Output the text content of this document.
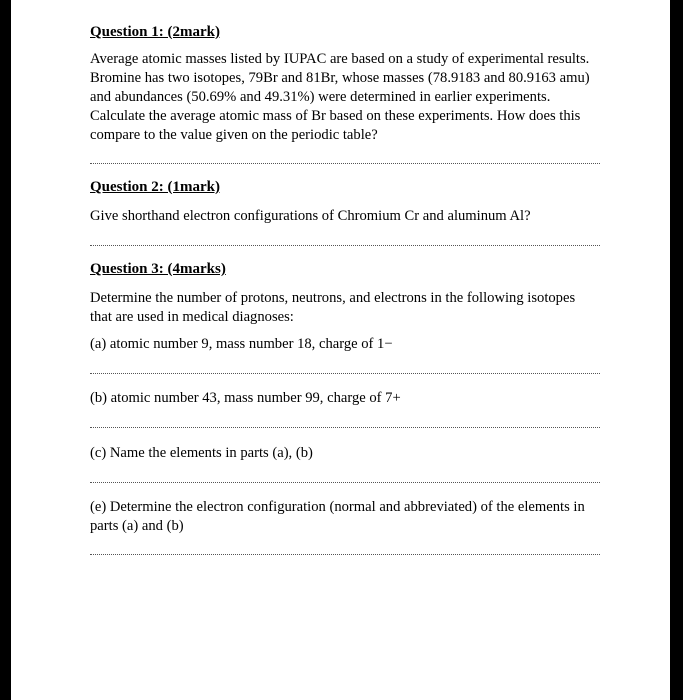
Question 1: (2mark)
Average atomic masses listed by IUPAC are based on a study of experimental results. Bromine has two isotopes, 79Br and 81Br, whose masses (78.9183 and 80.9163 amu) and abundances (50.69% and 49.31%) were determined in earlier experiments. Calculate the average atomic mass of Br based on these experiments. How does this compare to the value given on the periodic table?
Question 2: (1mark)
Give shorthand electron configurations of Chromium Cr and aluminum Al?
Question 3: (4marks)
Determine the number of protons, neutrons, and electrons in the following isotopes that are used in medical diagnoses:
(a) atomic number 9, mass number 18, charge of 1−
(b) atomic number 43, mass number 99, charge of 7+
(c) Name the elements in parts (a), (b)
(e) Determine the electron configuration (normal and abbreviated) of the elements in parts (a) and (b)
